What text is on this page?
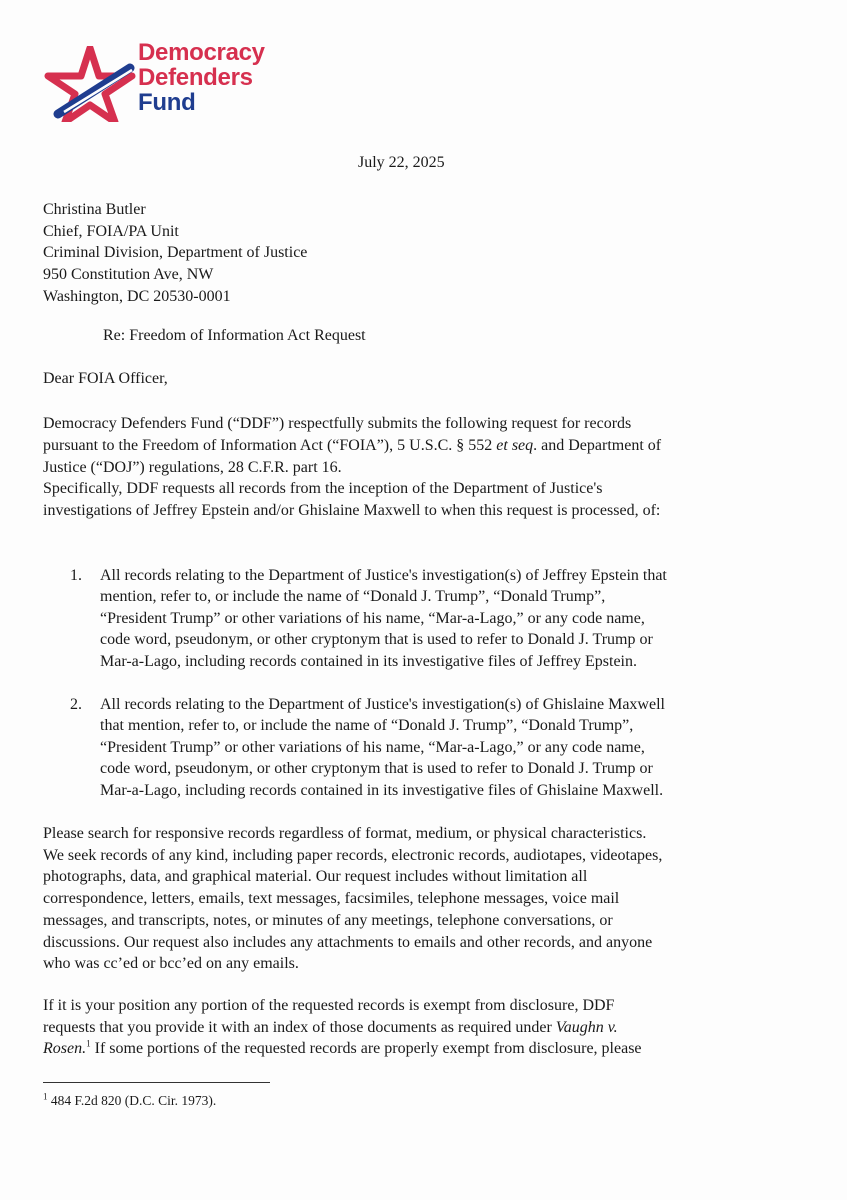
Democracy
Defenders
Fund
July 22, 2025
Christina Butler
Chief, FOIA/PA Unit
Criminal Division, Department of Justice
950 Constitution Ave, NW
Washington, DC 20530-0001
Re: Freedom of Information Act Request
Dear FOIA Officer,
Democracy Defenders Fund (“DDF”) respectfully submits the following request for records
pursuant to the Freedom of Information Act (“FOIA”), 5 U.S.C. § 552 et seq. and Department of
Justice (“DOJ”) regulations, 28 C.F.R. part 16.
Specifically, DDF requests all records from the inception of the Department of Justice's
investigations of Jeffrey Epstein and/or Ghislaine Maxwell to when this request is processed, of:
1. All records relating to the Department of Justice's investigation(s) of Jeffrey Epstein that
mention, refer to, or include the name of “Donald J. Trump”, “Donald Trump”,
“President Trump” or other variations of his name, “Mar-a-Lago,” or any code name,
code word, pseudonym, or other cryptonym that is used to refer to Donald J. Trump or
Mar-a-Lago, including records contained in its investigative files of Jeffrey Epstein.
2. All records relating to the Department of Justice's investigation(s) of Ghislaine Maxwell
that mention, refer to, or include the name of “Donald J. Trump”, “Donald Trump”,
“President Trump” or other variations of his name, “Mar-a-Lago,” or any code name,
code word, pseudonym, or other cryptonym that is used to refer to Donald J. Trump or
Mar-a-Lago, including records contained in its investigative files of Ghislaine Maxwell.
Please search for responsive records regardless of format, medium, or physical characteristics.
We seek records of any kind, including paper records, electronic records, audiotapes, videotapes,
photographs, data, and graphical material. Our request includes without limitation all
correspondence, letters, emails, text messages, facsimiles, telephone messages, voice mail
messages, and transcripts, notes, or minutes of any meetings, telephone conversations, or
discussions. Our request also includes any attachments to emails and other records, and anyone
who was cc’ed or bcc’ed on any emails.
If it is your position any portion of the requested records is exempt from disclosure, DDF
requests that you provide it with an index of those documents as required under Vaughn v.
Rosen.$^1$ If some portions of the requested records are properly exempt from disclosure, please
$^1$ 484 F.2d 820 (D.C. Cir. 1973).
